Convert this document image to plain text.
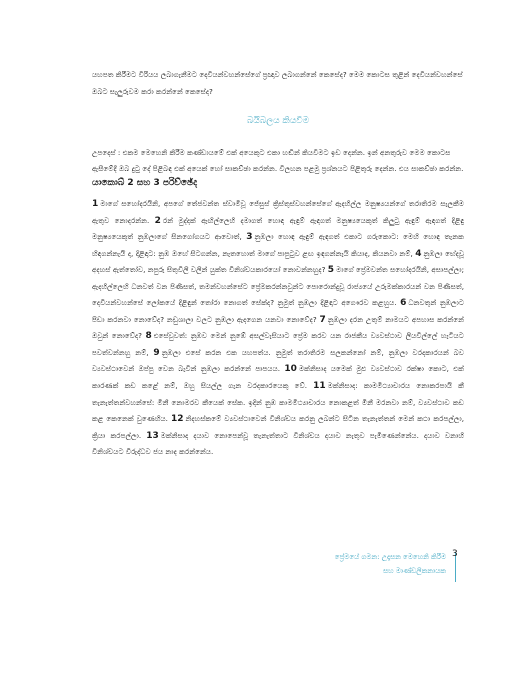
යහපත කිරීමට විරියය ලබාගැනීමට දෙවියන්වහන්සේගේ ප්‍රඥාව ලබාගන්නේ කෙසේද? මෙම කොටස තුළින් දෙවියන්වහන්සේ ඔබට සැලුරුවම කරා කරන්නේ කෙසේද?

බයිබලය කියවීම

උපදෙස් : එකම මෙහෙනි කිරීම කණ්ඩායමේ එක් අයෙකුට එකා හඬින් කියවීමට ඉඩ දෙන්න. ඉන් අනතුරුව මෙම කොටස ඇසීමේදී ඔබ දුටු දේ පිළිබඳ එක් අයෙක් හෝ සාකච්ඡා කරන්න. විලහන පළමු ප්‍රශ්නයට පිළිතුරු දෙන්න. එය සාකච්ඡා කරන්න.

යාකොබ් 2 සහ 3 පරිච්ඡේද

1 මාගේ සහෝදරයිනි, අපගේ තේජවන්ත ස්වාමිවූ ජේසුස් ක්‍රිස්තුස්වහන්සේගේ ඇදහිල්ල මනුෂ්‍යයන්ගේ තරාතිරම සැලකීම ඇතුව නොදරන්න. 2 රන් මුද්දක් ඇඟිල්ලෙහි දමාගත් හොඳ ඇඳුම් ඇඳගත් මනුෂ්‍යයෙකුත් කිලුටු ඇඳුම් ඇඳගත් දිළිඳු මනුෂ්‍යයෙකුත් නුඹලාගේ සිනගෝගයට ආවොත්, 3 නුඹලා හොඳ ඇඳුම් ඇඳගත් එකාට ගරුකොට: මෙහි හොඳ තැනක හිඳගන්නැයි ද, දිළිඳාට: නුඹ ඔහේ සිටගන්න, නැතහොත් මාගේ පාපුටුව ළඟ ඉඳගන්නැයි කියාද, කියනවා නම්, 4 නුඹලා භේදවූ අදහස් ඇත්තෝව, නපුරු සිතුවිලි වලින් යුක්ත විනිශ්චයකාරයෝ නොවන්නහුද? 5 මාගේ ප්‍රේමවන්ත සහෝදරයිනි, අසාපල්ලා; ඇදහිල්ලෙහි ධනවත් වන පිණිසත්, තමන්වහන්සේට ප්‍රේමකරන්නවුන්ට පොරොන්දුවූ රාජ්‍යයේ උරුමක්කාරයන් වන පිණිසත්, දෙවියන්වහන්සේ ලෝකයේ දිළිඳුන් තෝරා නොගත් සේක්ද? නුමුත් නුඹලා දිළිඳාට අගෞරව කළහුය. 6 ධනවතුන් නුඹලාට පීඩා කරනවා නොවේද? නඩුශාලා වලට නුඹලා ඇදගෙන යනවා නොවේද? 7 නුඹලා දරන උතුම් නාමයට අපහාස කරන්නේ ඔවුන් නොවේද? 8 එසේවුවත්: නුඹව මෙන් නුඹේ අසල්වැසියාට ප්‍රේම කරව යන රාජකීය ව්‍යවස්ථාව ලියවිල්ලේ හැටියට පවත්වන්නහු නම්, 9 නුඹලා එසේ කරන එක යහපත්ය. නුමුත් තරාතිරම සලකන්නෝ නම්, නුඹලා වරදකාරයන් බව ව්‍යවස්ථාවෙන් ඔප්පු වෙන බැවින් නුඹලා කරන්නේ පාපයය. 10 මක්නිසාද යමෙක් මුළු ව්‍යවස්ථාව රක්ෂා කොට, එක් කාරණක් කඩ කළේ නම්, ඔහු සියල්ල ගැන වරදකාරයෙකු වේ. 11 මක්නිසාද: කාමමිථ්‍යාචාරය නොකරපායි කී තැනැත්තන්වහන්සේ: මිනී නොමරව කීයෙක් සේක. ඉදින් නුඹ කාමමිථ්‍යාචාරය නොකළත් මිනී මරනවා නම්, ව්‍යවස්ථාව කඩ කළ කෙනෙක් වුණෙහිය. 12 නිදහස්කමේ ව්‍යවස්ථාවෙන් විනිශ්චය කරනු ලබන්ට සිටින තැනැත්තන් මෙන් කථා කරපල්ලා, ක්‍රියා කරපල්ලා. 13 මක්නිසාද දයාව නොපෙන්වූ තැනැත්තාට විනිශ්චය දයාව නැතුව පැමිණෙන්නේය. දයාව වනාහි විනිශ්චයට විරුද්ධව ජය නාද කරන්නේය.

ප්‍රේමයේ ගමන: උදෑසන මෙහෙනි කිරීම
සහ මාණ්ඩලිකනායක
3
